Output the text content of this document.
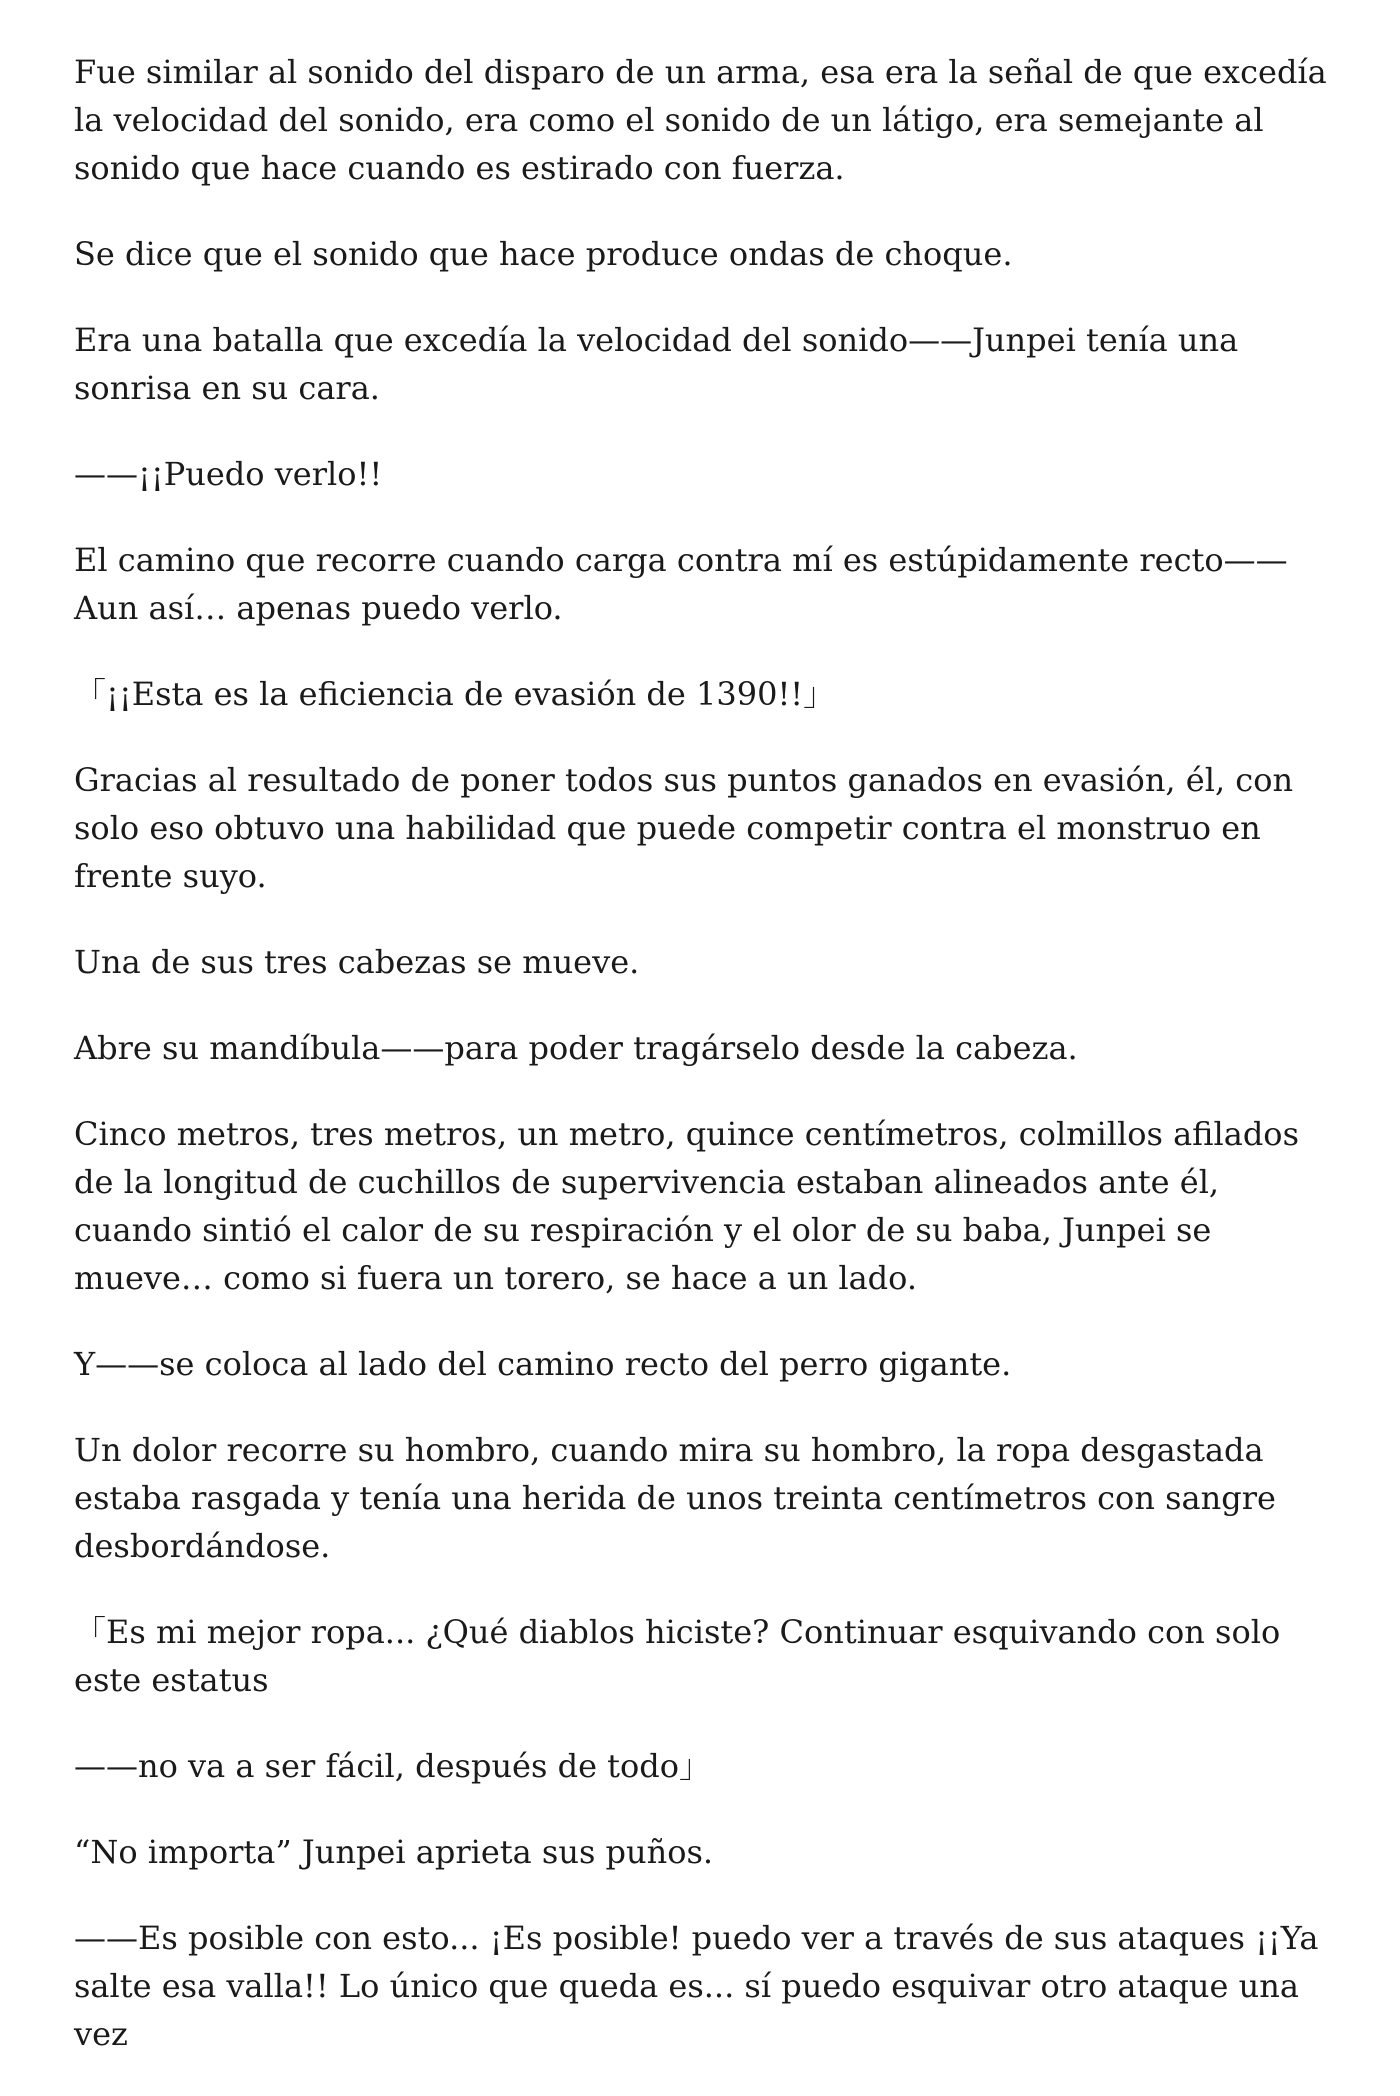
Fue similar al sonido del disparo de un arma, esa era la señal de que excedía la velocidad del sonido, era como el sonido de un látigo, era semejante al sonido que hace cuando es estirado con fuerza.

Se dice que el sonido que hace produce ondas de choque.

Era una batalla que excedía la velocidad del sonido——Junpei tenía una sonrisa en su cara.

——¡¡Puedo verlo!!

El camino que recorre cuando carga contra mí es estúpidamente recto——Aun así… apenas puedo verlo.

「¡¡Esta es la eficiencia de evasión de 1390!!」

Gracias al resultado de poner todos sus puntos ganados en evasión, él, con solo eso obtuvo una habilidad que puede competir contra el monstruo en frente suyo.

Una de sus tres cabezas se mueve.

Abre su mandíbula——para poder tragárselo desde la cabeza.

Cinco metros, tres metros, un metro, quince centímetros, colmillos afilados de la longitud de cuchillos de supervivencia estaban alineados ante él, cuando sintió el calor de su respiración y el olor de su baba, Junpei se mueve… como si fuera un torero, se hace a un lado.

Y——se coloca al lado del camino recto del perro gigante.

Un dolor recorre su hombro, cuando mira su hombro, la ropa desgastada estaba rasgada y tenía una herida de unos treinta centímetros con sangre desbordándose.

「Es mi mejor ropa... ¿Qué diablos hiciste? Continuar esquivando con solo este estatus

——no va a ser fácil, después de todo」

“No importa” Junpei aprieta sus puños.

——Es posible con esto... ¡Es posible! puedo ver a través de sus ataques ¡¡Ya salte esa valla!! Lo único que queda es... sí puedo esquivar otro ataque una vez
